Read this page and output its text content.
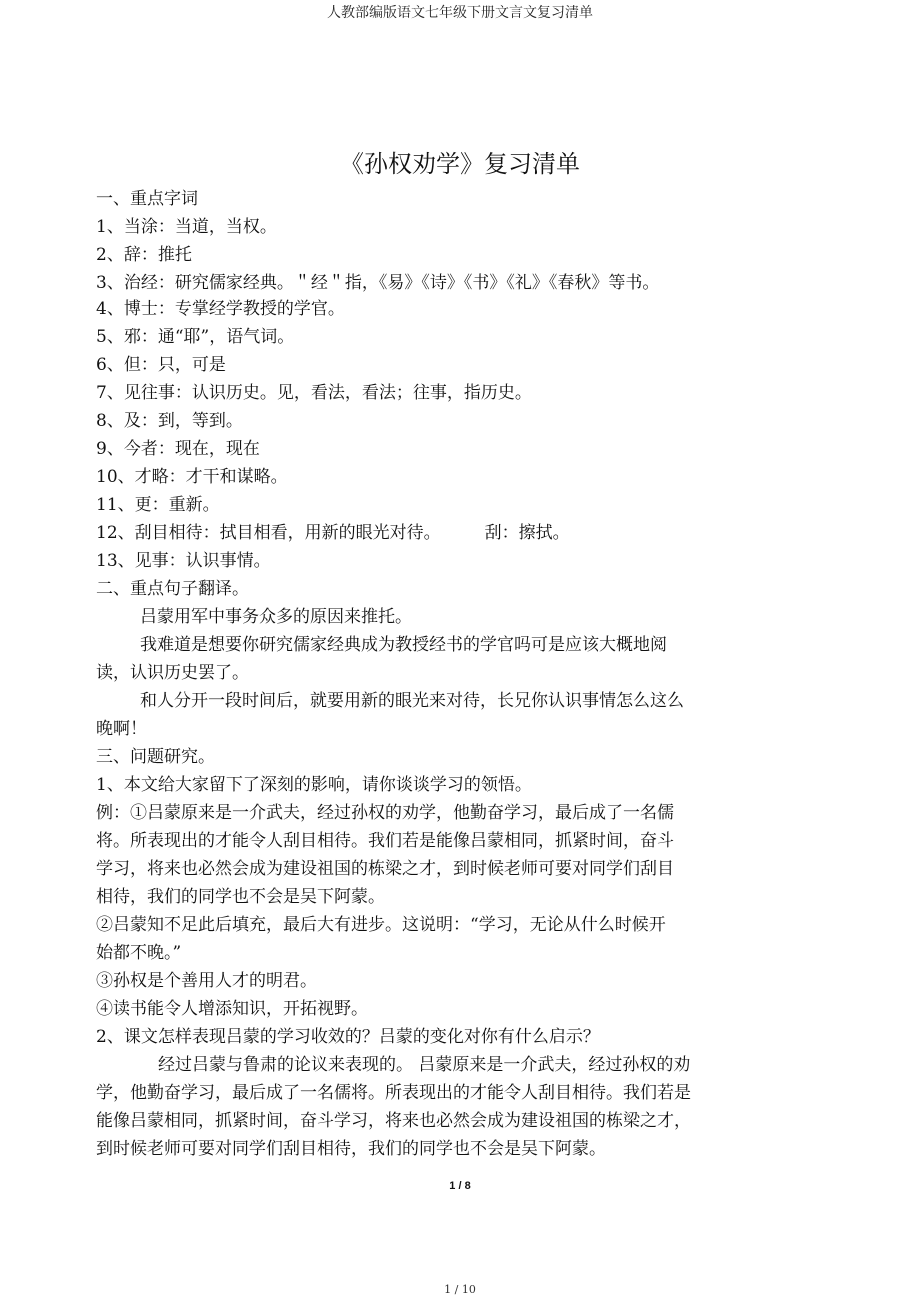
人教部编版语文七年级下册文言文复习清单
《孙权劝学》复习清单
一、重点字词
1、当涂：当道，当权。
2、辞：推托
3、治经：研究儒家经典。＂经＂指，《易》《诗》《书》《礼》《春秋》等书。
4、博士：专掌经学教授的学官。
5、邪：通“耶”，语气词。
6、但：只，可是
7、见往事：认识历史。见，看法，看法；往事，指历史。
8、及：到，等到。
9、今者：现在，现在
10、才略：才干和谋略。
11、更：重新。
12、刮目相待：拭目相看，用新的眼光对待。	刮：擦拭。
13、见事：认识事情。
二、重点句子翻译。
吕蒙用军中事务众多的原因来推托。
我难道是想要你研究儒家经典成为教授经书的学官吗可是应该大概地阅
读，认识历史罢了。
和人分开一段时间后，就要用新的眼光来对待，长兄你认识事情怎么这么
晚啊！
三、问题研究。
1、本文给大家留下了深刻的影响，请你谈谈学习的领悟。
例：①吕蒙原来是一介武夫，经过孙权的劝学，他勤奋学习，最后成了一名儒
将。所表现出的才能令人刮目相待。我们若是能像吕蒙相同，抓紧时间，奋斗
学习，将来也必然会成为建设祖国的栋梁之才，到时候老师可要对同学们刮目
相待，我们的同学也不会是吴下阿蒙。
②吕蒙知不足此后填充，最后大有进步。这说明：“学习，无论从什么时候开
始都不晚。”
③孙权是个善用人才的明君。
④读书能令人增添知识，开拓视野。
2、课文怎样表现吕蒙的学习收效的？吕蒙的变化对你有什么启示？
经过吕蒙与鲁肃的论议来表现的。 吕蒙原来是一介武夫，经过孙权的劝
学，他勤奋学习，最后成了一名儒将。所表现出的才能令人刮目相待。我们若是
能像吕蒙相同，抓紧时间，奋斗学习，将来也必然会成为建设祖国的栋梁之才，
到时候老师可要对同学们刮目相待，我们的同学也不会是吴下阿蒙。
1 / 8
1 / 10
